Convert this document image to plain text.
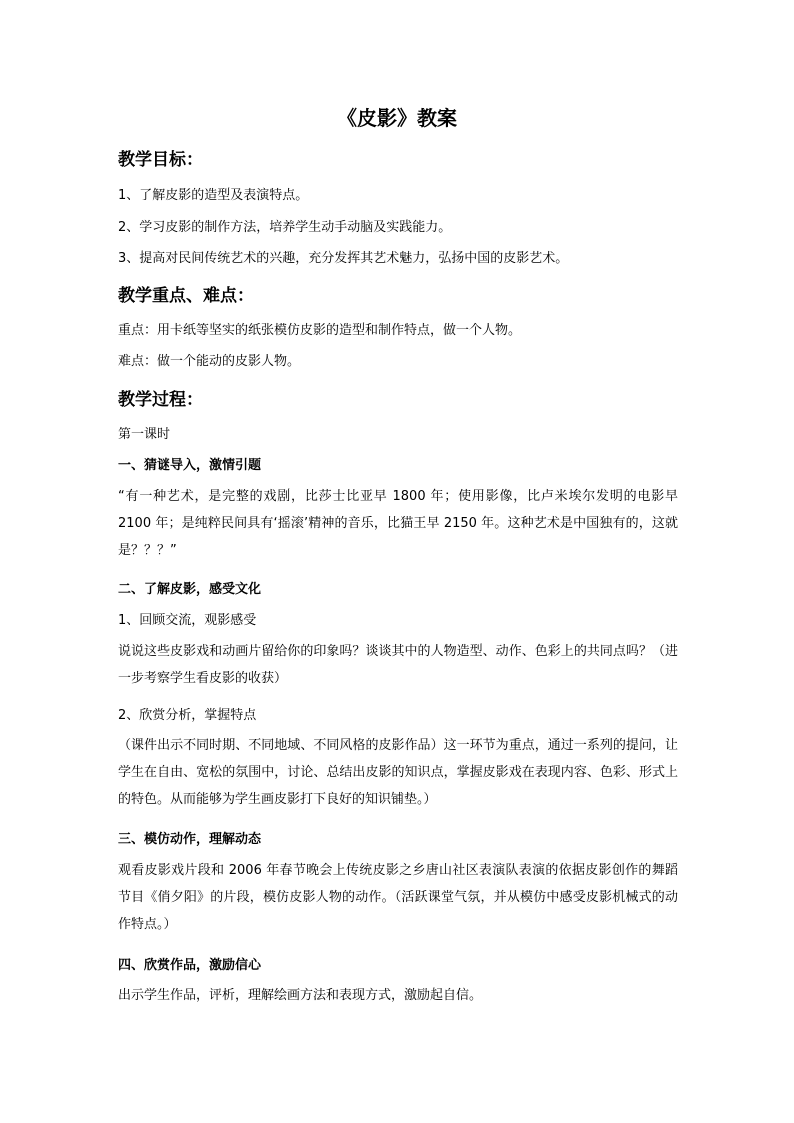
《皮影》教案
教学目标：
1、了解皮影的造型及表演特点。
2、学习皮影的制作方法，培养学生动手动脑及实践能力。
3、提高对民间传统艺术的兴趣，充分发挥其艺术魅力，弘扬中国的皮影艺术。
教学重点、难点：
重点：用卡纸等坚实的纸张模仿皮影的造型和制作特点，做一个人物。
难点：做一个能动的皮影人物。
教学过程：
第一课时
一、猜谜导入，激情引题
“有一种艺术，是完整的戏剧，比莎士比亚早 1800 年；使用影像，比卢米埃尔发明的电影早 2100 年；是纯粹民间具有‘摇滚’精神的音乐，比猫王早 2150 年。这种艺术是中国独有的，这就是？？？”
二、了解皮影，感受文化
1、回顾交流，观影感受
说说这些皮影戏和动画片留给你的印象吗？谈谈其中的人物造型、动作、色彩上的共同点吗？（进一步考察学生看皮影的收获）
2、欣赏分析，掌握特点
（课件出示不同时期、不同地域、不同风格的皮影作品）这一环节为重点，通过一系列的提问，让学生在自由、宽松的氛围中，讨论、总结出皮影的知识点，掌握皮影戏在表现内容、色彩、形式上的特色。从而能够为学生画皮影打下良好的知识铺垫。）
三、模仿动作，理解动态
观看皮影戏片段和 2006 年春节晚会上传统皮影之乡唐山社区表演队表演的依据皮影创作的舞蹈节目《俏夕阳》的片段，模仿皮影人物的动作。（活跃课堂气氛，并从模仿中感受皮影机械式的动作特点。）
四、欣赏作品，激励信心
出示学生作品，评析，理解绘画方法和表现方式，激励起自信。
